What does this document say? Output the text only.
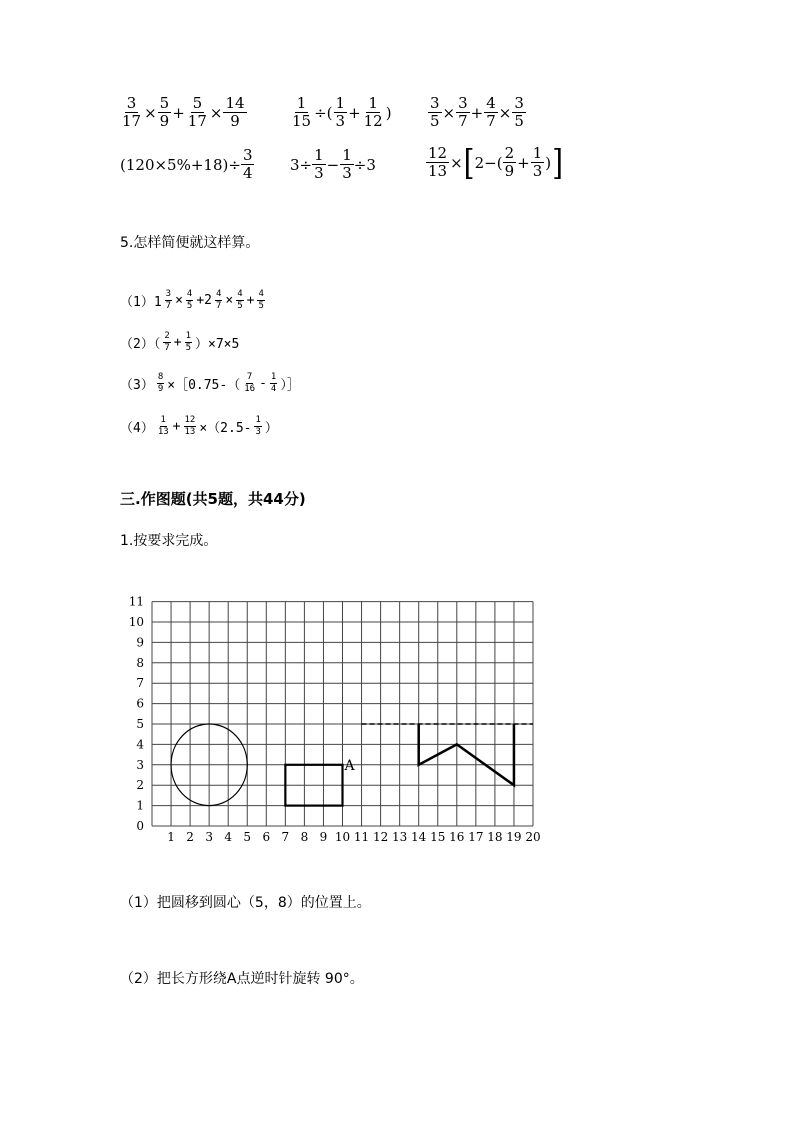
$\frac{3}{17} \times \frac{5}{9} + \frac{5}{17} \times \frac{14}{9}$	$\frac{1}{15}$ ÷( $\frac{1}{3} + \frac{1}{12}$ ) $\frac{3}{5} \times \frac{3}{7} + \frac{4}{7} \times \frac{3}{5}$
$(120\times 5\%+18)\div \frac{3}{4} 3\div \frac{1}{3} - \frac{1}{3} \div 3$	$\frac{12}{13}$ × [ $2-( \frac{2}{9} + \frac{1}{3}$ ) ]
5.怎样简便就这样算。
$(1)1 \frac{3}{7} \times \frac{4}{5} +2 \frac{4}{7} \times \frac{4}{5} + \frac{4}{5}$
（2）（
2
$7 + \frac{1}{5} )\times 7\times 5$
$(3) \frac{8}{9}$ ×［0.75-（
7
16 - 1
4 ）］
（4）
1
$13 + \frac{12}{13} \times(2.5-$
1
3 ）
三.作图题(共5题，共44分)
1.按要求完成。
1 2 3 4 5 6 7 8 9 10 11 12 13 14 15 16 17 18 19 20
0
1
2
3
4
5
6
7
8
9
10
11
A
（1）把圆移到圆心（5，8）的位置上。
（2）把长方形绕A点逆时针旋转 90°。
